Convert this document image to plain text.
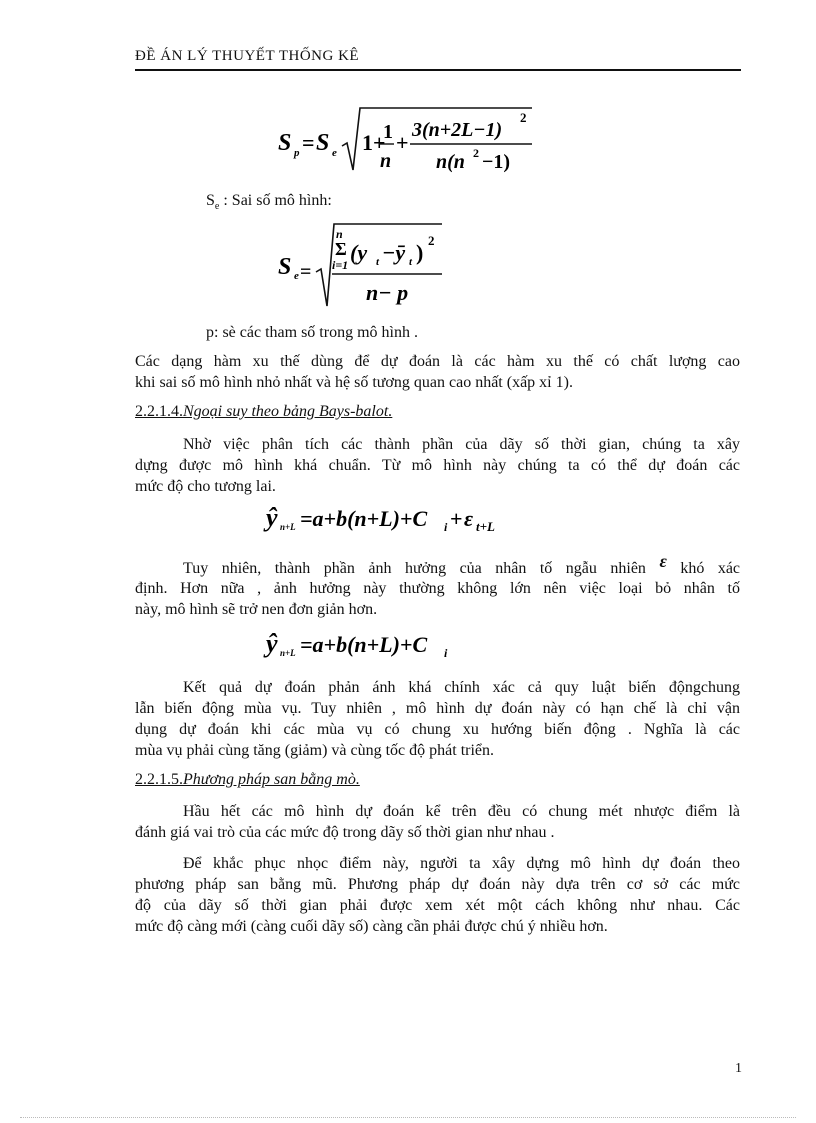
ĐỀ ÁN LÝ THUYẾT THỐNG KÊ
S p = S e 1 +
1
n
+ 3(n+2L−1)
2
n(n 2 −1)
$S_e$ : Sai số mô hình:
S e =
n
Σ
i=1 (y t −ȳ t ) 2
n− p
p: sè các tham số trong mô hình .
Các dạng hàm xu thế dùng để dự đoán là các hàm xu thế có chất lượng cao
khi sai số mô hình nhỏ nhất và hệ số tương quan cao nhất (xấp xỉ 1).
2.2.1.4.Ngoại suy theo bảng Bays-balot.
Nhờ việc phân tích các thành phần của dãy số thời gian, chúng ta xây
dựng được mô hình khá chuẩn. Từ mô hình này chúng ta có thể dự đoán các
mức độ cho tương lai.
ŷ n+L =a+b(n+L)+C i + ε t+L
Tuy nhiên, thành phần ảnh hưởng của nhân tố ngẫu nhiên ε khó xác
định. Hơn nữa , ảnh hưởng này thường không lớn nên việc loại bỏ nhân tố
này, mô hình sẽ trở nen đơn giản hơn.
ŷ n+L =a+b(n+L)+C i
Kết quả dự đoán phản ánh khá chính xác cả quy luật biến độngchung
lẫn biến động mùa vụ. Tuy nhiên , mô hình dự đoán này có hạn chế là chỉ vận
dụng dự đoán khi các mùa vụ có chung xu hướng biến động . Nghĩa là các
mùa vụ phải cùng tăng (giảm) và cùng tốc độ phát triển.
2.2.1.5.Phương pháp san bằng mò.
Hầu hết các mô hình dự đoán kể trên đều có chung mét nhược điểm là
đánh giá vai trò của các mức độ trong dãy số thời gian như nhau .
Để khắc phục nhọc điểm này, người ta xây dựng mô hình dự đoán theo
phương pháp san bằng mũ. Phương pháp dự đoán này dựa trên cơ sở các mức
độ của dãy số thời gian phải được xem xét một cách không như nhau. Các
mức độ càng mới (càng cuối dãy số) càng cần phải được chú ý nhiều hơn.
1
